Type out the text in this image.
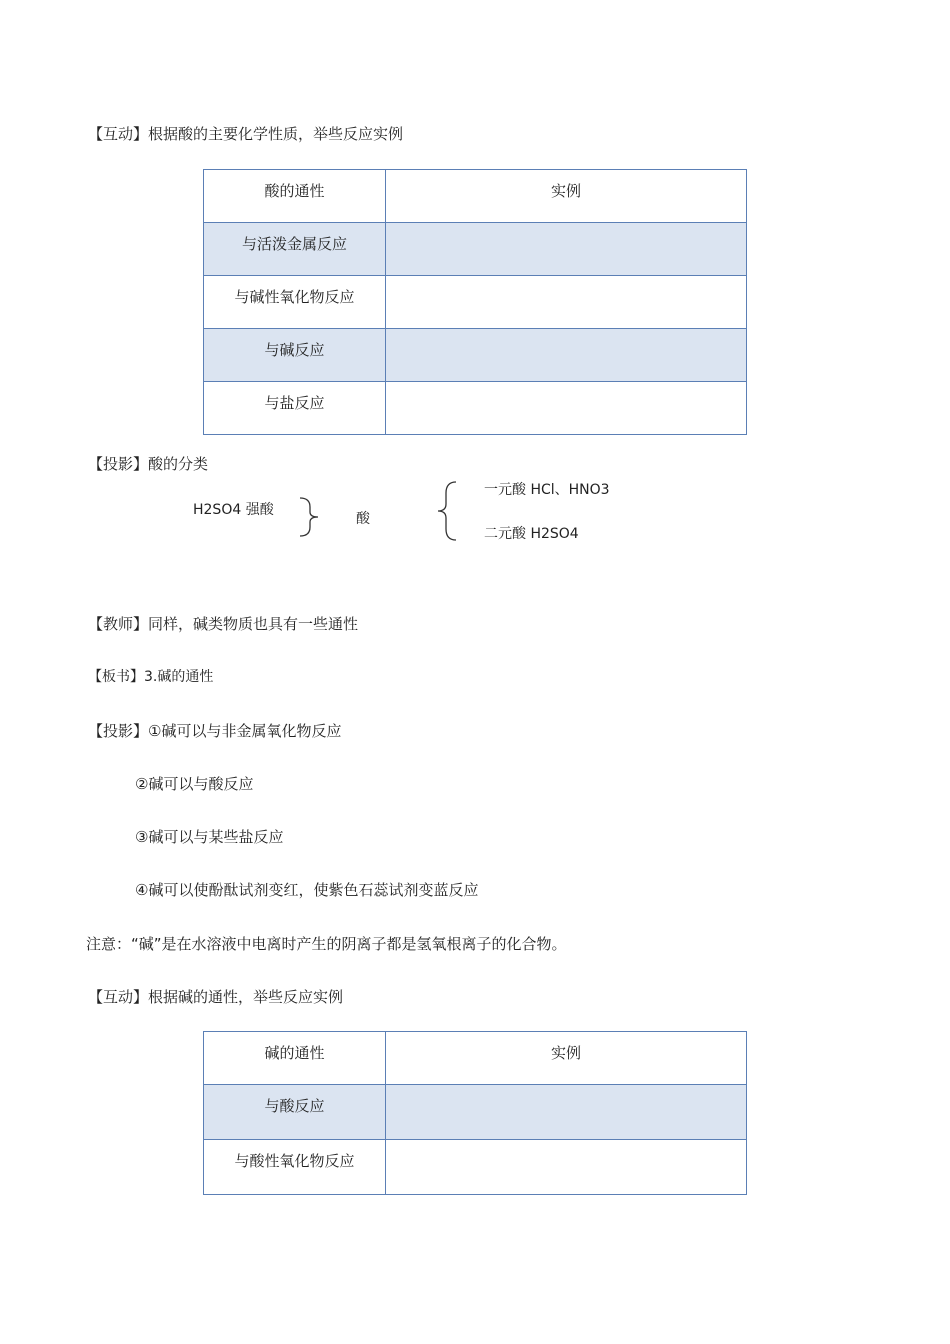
【互动】根据酸的主要化学性质，举些反应实例
酸的通性	实例

与活泼金属反应	

与碱性氧化物反应	

与碱反应	

与盐反应	

【投影】酸的分类
H2SO4 强酸
酸
一元酸 HCl、HNO3
二元酸 H2SO4
【教师】同样，碱类物质也具有一些通性
【板书】3.碱的通性
【投影】①碱可以与非金属氧化物反应
②碱可以与酸反应
③碱可以与某些盐反应
④碱可以使酚酞试剂变红，使紫色石蕊试剂变蓝反应
注意：“碱”是在水溶液中电离时产生的阴离子都是氢氧根离子的化合物。
【互动】根据碱的通性，举些反应实例
碱的通性	实例

与酸反应	

与酸性氧化物反应	
